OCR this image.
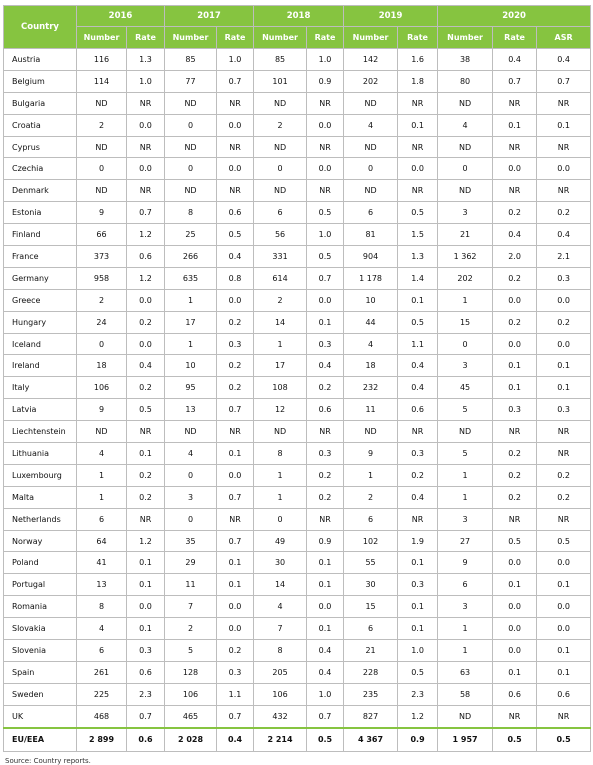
Country	2016		2017		2018		2019		2020		
	Number	Rate	Number	Rate	Number	Rate	Number	Rate	Number	Rate	ASR
Austria	116	1.3	85	1.0	85	1.0	142	1.6	38	0.4	0.4
Belgium	114	1.0	77	0.7	101	0.9	202	1.8	80	0.7	0.7
Bulgaria	ND	NR	ND	NR	ND	NR	ND	NR	ND	NR	NR
Croatia	2	0.0	0	0.0	2	0.0	4	0.1	4	0.1	0.1
Cyprus	ND	NR	ND	NR	ND	NR	ND	NR	ND	NR	NR
Czechia	0	0.0	0	0.0	0	0.0	0	0.0	0	0.0	0.0
Denmark	ND	NR	ND	NR	ND	NR	ND	NR	ND	NR	NR
Estonia	9	0.7	8	0.6	6	0.5	6	0.5	3	0.2	0.2
Finland	66	1.2	25	0.5	56	1.0	81	1.5	21	0.4	0.4
France	373	0.6	266	0.4	331	0.5	904	1.3	1 362	2.0	2.1
Germany	958	1.2	635	0.8	614	0.7	1 178	1.4	202	0.2	0.3
Greece	2	0.0	1	0.0	2	0.0	10	0.1	1	0.0	0.0
Hungary	24	0.2	17	0.2	14	0.1	44	0.5	15	0.2	0.2
Iceland	0	0.0	1	0.3	1	0.3	4	1.1	0	0.0	0.0
Ireland	18	0.4	10	0.2	17	0.4	18	0.4	3	0.1	0.1
Italy	106	0.2	95	0.2	108	0.2	232	0.4	45	0.1	0.1
Latvia	9	0.5	13	0.7	12	0.6	11	0.6	5	0.3	0.3
Liechtenstein	ND	NR	ND	NR	ND	NR	ND	NR	ND	NR	NR
Lithuania	4	0.1	4	0.1	8	0.3	9	0.3	5	0.2	NR
Luxembourg	1	0.2	0	0.0	1	0.2	1	0.2	1	0.2	0.2
Malta	1	0.2	3	0.7	1	0.2	2	0.4	1	0.2	0.2
Netherlands	6	NR	0	NR	0	NR	6	NR	3	NR	NR
Norway	64	1.2	35	0.7	49	0.9	102	1.9	27	0.5	0.5
Poland	41	0.1	29	0.1	30	0.1	55	0.1	9	0.0	0.0
Portugal	13	0.1	11	0.1	14	0.1	30	0.3	6	0.1	0.1
Romania	8	0.0	7	0.0	4	0.0	15	0.1	3	0.0	0.0
Slovakia	4	0.1	2	0.0	7	0.1	6	0.1	1	0.0	0.0
Slovenia	6	0.3	5	0.2	8	0.4	21	1.0	1	0.0	0.1
Spain	261	0.6	128	0.3	205	0.4	228	0.5	63	0.1	0.1
Sweden	225	2.3	106	1.1	106	1.0	235	2.3	58	0.6	0.6
UK	468	0.7	465	0.7	432	0.7	827	1.2	ND	NR	NR
EU/EEA	2 899	0.6	2 028	0.4	2 214	0.5	4 367	0.9	1 957	0.5	0.5
Source: Country reports.
